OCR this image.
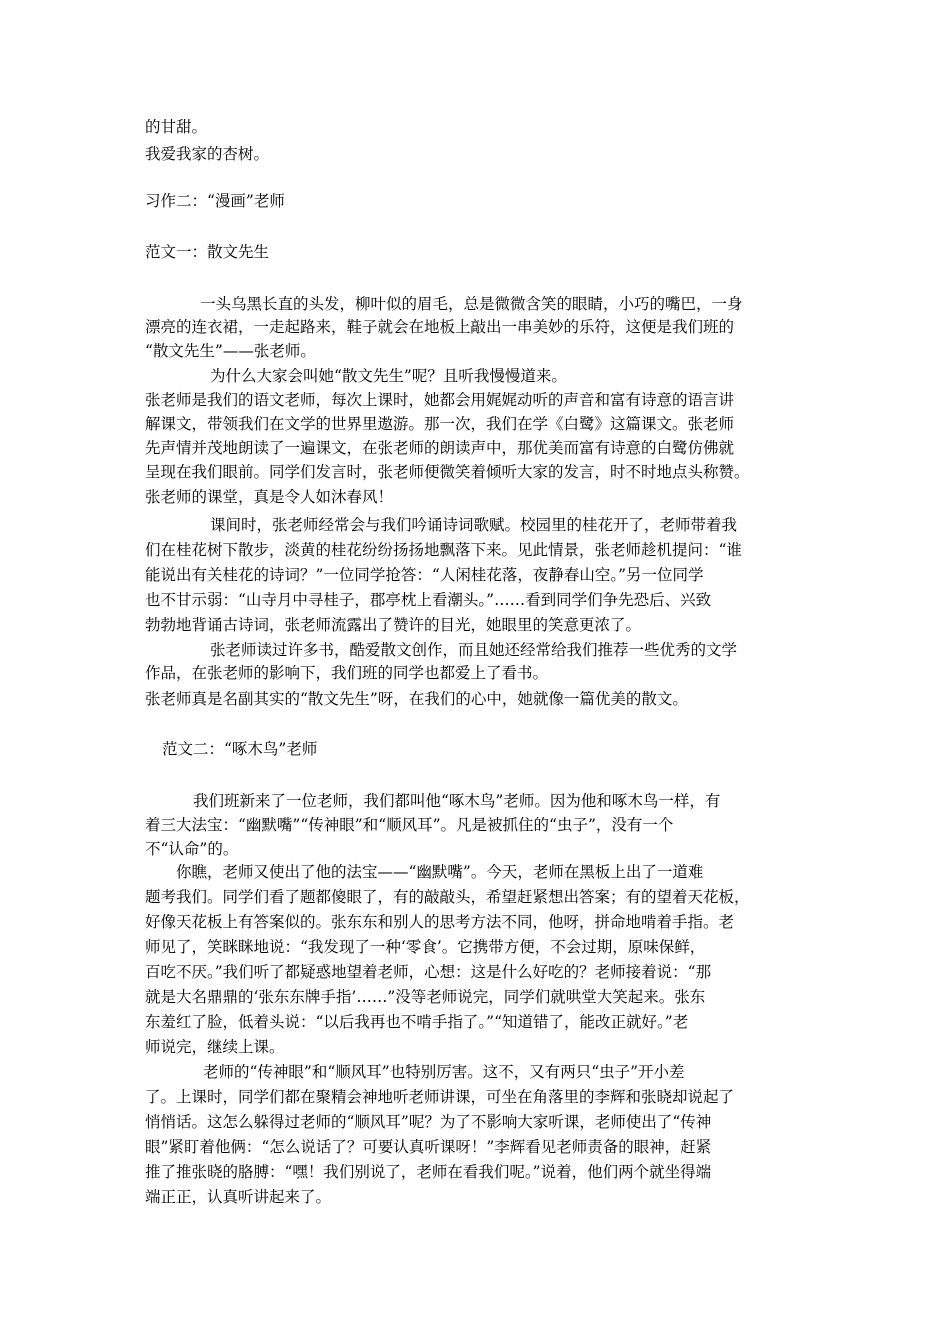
的甘甜。
我爱我家的杏树。
习作二：“漫画”老师
范文一：散文先生
一头乌黑长直的头发，柳叶似的眉毛，总是微微含笑的眼睛，小巧的嘴巴，一身
漂亮的连衣裙，一走起路来，鞋子就会在地板上敲出一串美妙的乐符，这便是我们班的
“散文先生”——张老师。
为什么大家会叫她“散文先生”呢？且听我慢慢道来。
张老师是我们的语文老师，每次上课时，她都会用娓娓动听的声音和富有诗意的语言讲
解课文，带领我们在文学的世界里遨游。那一次，我们在学《白鹭》这篇课文。张老师
先声情并茂地朗读了一遍课文，在张老师的朗读声中，那优美而富有诗意的白鹭仿佛就
呈现在我们眼前。同学们发言时，张老师便微笑着倾听大家的发言，时不时地点头称赞。
张老师的课堂，真是令人如沐春风！
课间时，张老师经常会与我们吟诵诗词歌赋。校园里的桂花开了，老师带着我
们在桂花树下散步，淡黄的桂花纷纷扬扬地飘落下来。见此情景，张老师趁机提问：“谁
能说出有关桂花的诗词？”一位同学抢答：“人闲桂花落，夜静春山空。”另一位同学
也不甘示弱：“山寺月中寻桂子，郡亭枕上看潮头。”……看到同学们争先恐后、兴致
勃勃地背诵古诗词，张老师流露出了赞许的目光，她眼里的笑意更浓了。
张老师读过许多书，酷爱散文创作，而且她还经常给我们推荐一些优秀的文学
作品，在张老师的影响下，我们班的同学也都爱上了看书。
张老师真是名副其实的“散文先生”呀，在我们的心中，她就像一篇优美的散文。
范文二：“啄木鸟”老师
我们班新来了一位老师，我们都叫他“啄木鸟”老师。因为他和啄木鸟一样，有
着三大法宝：“幽默嘴”“传神眼”和“顺风耳”。凡是被抓住的“虫子”，没有一个
不“认命”的。
你瞧，老师又使出了他的法宝——“幽默嘴”。今天，老师在黑板上出了一道难
题考我们。同学们看了题都傻眼了，有的敲敲头，希望赶紧想出答案；有的望着天花板，
好像天花板上有答案似的。张东东和别人的思考方法不同，他呀，拼命地啃着手指。老
师见了，笑眯眯地说：“我发现了一种‘零食’。它携带方便，不会过期，原味保鲜，
百吃不厌。”我们听了都疑惑地望着老师，心想：这是什么好吃的？老师接着说：“那
就是大名鼎鼎的‘张东东牌手指’……”没等老师说完，同学们就哄堂大笑起来。张东
东羞红了脸，低着头说：“以后我再也不啃手指了。”“知道错了，能改正就好。”老
师说完，继续上课。
老师的“传神眼”和“顺风耳”也特别厉害。这不，又有两只“虫子”开小差
了。上课时，同学们都在聚精会神地听老师讲课，可坐在角落里的李辉和张晓却说起了
悄悄话。这怎么躲得过老师的“顺风耳”呢？为了不影响大家听课，老师使出了“传神
眼”紧盯着他俩：“怎么说话了？可要认真听课呀！”李辉看见老师责备的眼神，赶紧
推了推张晓的胳膊：“嘿！我们别说了，老师在看我们呢。”说着，他们两个就坐得端
端正正，认真听讲起来了。
